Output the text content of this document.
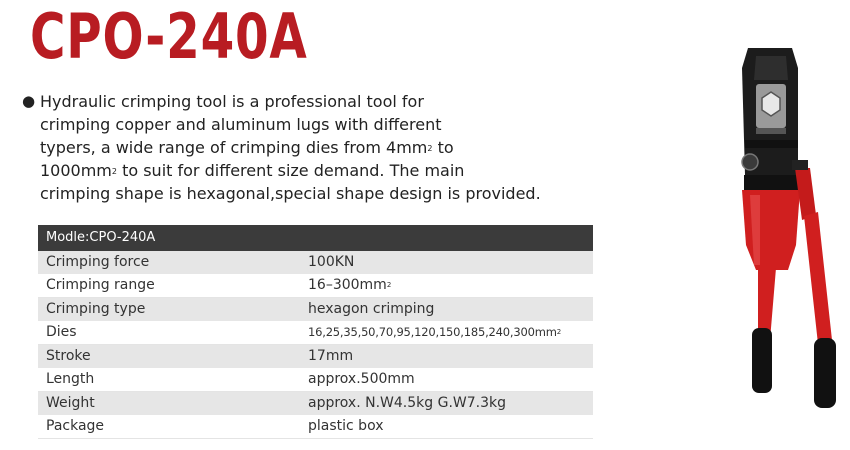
CPO-240A
● Hydraulic crimping tool is a professional tool for
crimping copper and aluminum lugs with different
typers, a wide range of crimping dies from $4mm^2$ to
$1000mm^2$ to suit for different size demand. The main
crimping shape is hexagonal,special shape design is provided.
Modle:CPO-240A
Crimping force	100KN
Crimping range	$16-300mm^2$
Crimping type	hexagon crimping
Dies	$16,25,35,50,70,95,120,150,185,240,300mm^2$
Stroke	17mm
Length	approx.500mm
Weight	approx. N.W4.5kg G.W7.3kg
Package	plastic box
